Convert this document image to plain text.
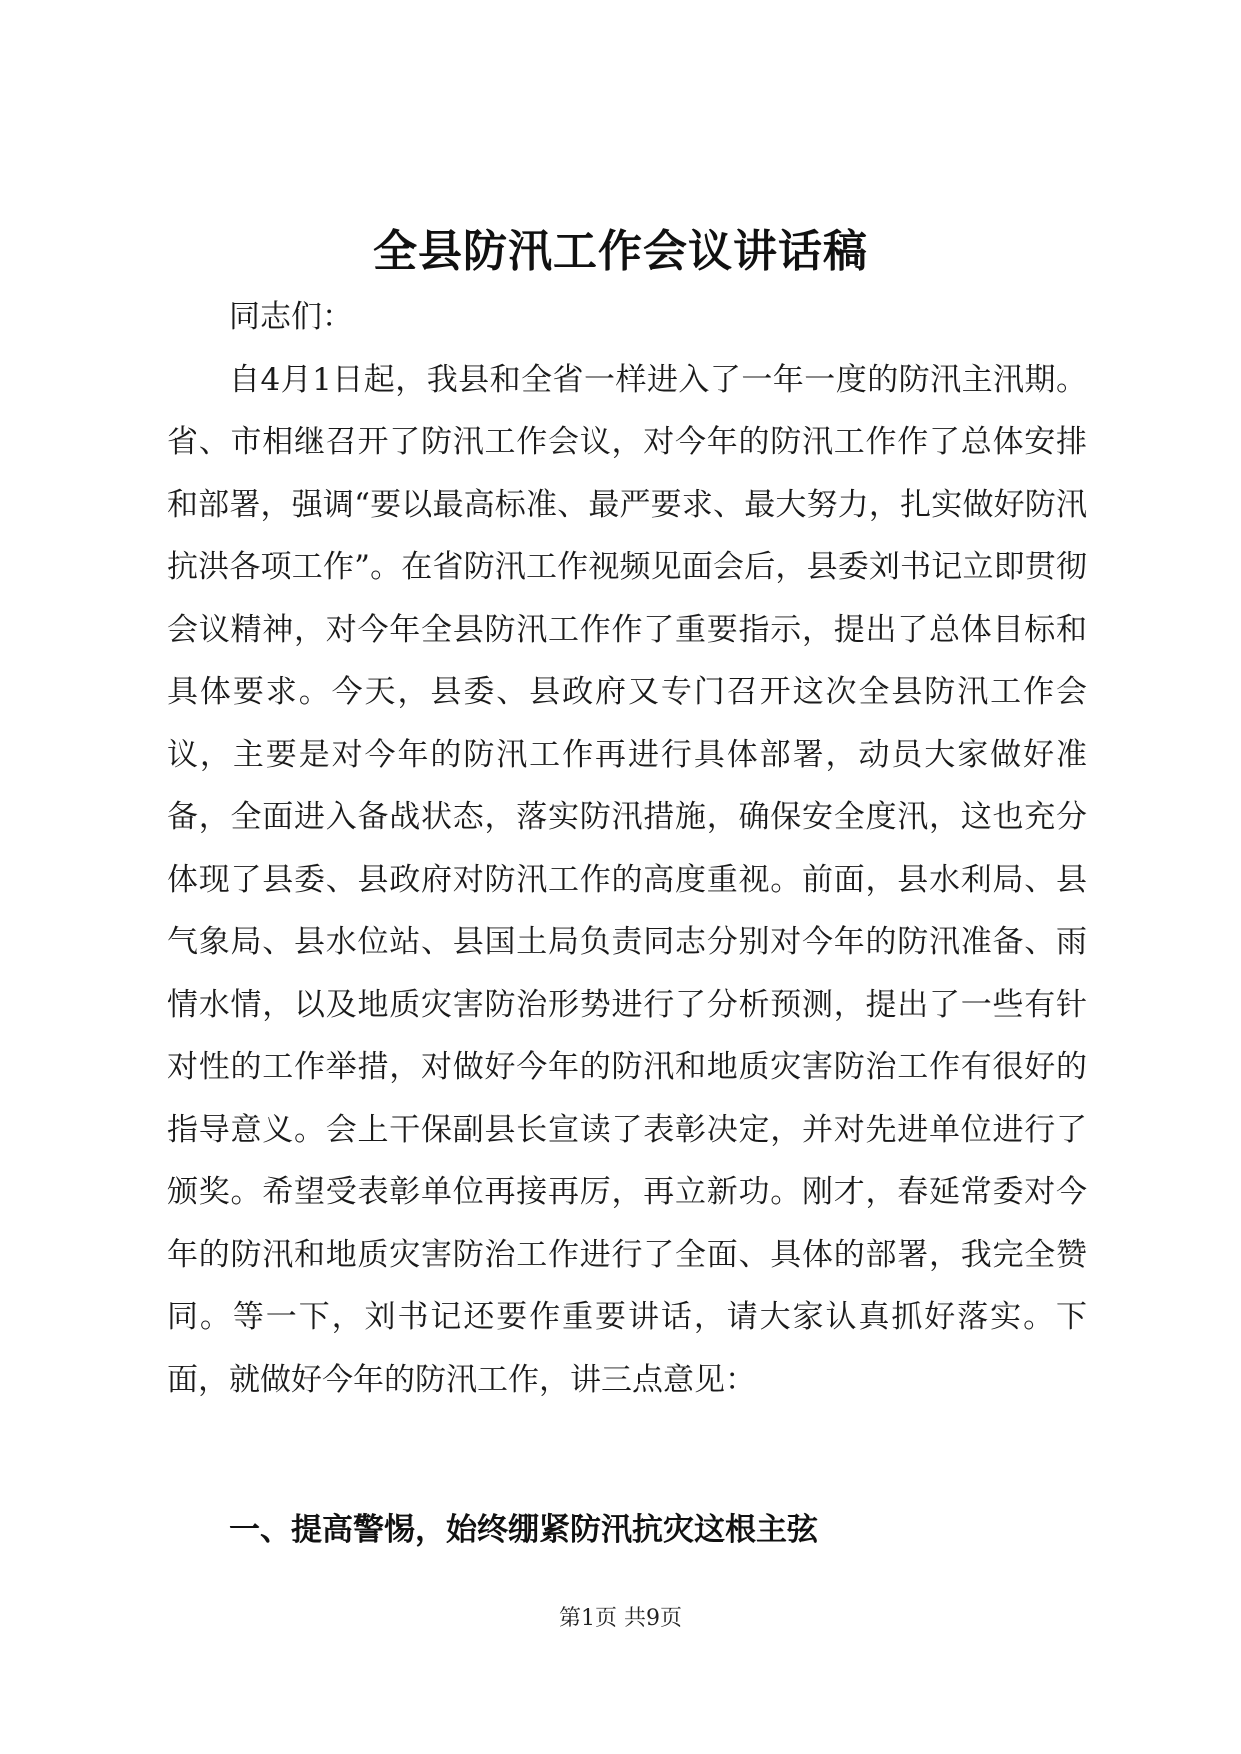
全县防汛工作会议讲话稿

同志们：

自4月1日起，我县和全省一样进入了一年一度的防汛主汛期。省、市相继召开了防汛工作会议，对今年的防汛工作作了总体安排和部署，强调“要以最高标准、最严要求、最大努力，扎实做好防汛抗洪各项工作”。在省防汛工作视频见面会后，县委刘书记立即贯彻会议精神，对今年全县防汛工作作了重要指示，提出了总体目标和具体要求。今天，县委、县政府又专门召开这次全县防汛工作会议，主要是对今年的防汛工作再进行具体部署，动员大家做好准备，全面进入备战状态，落实防汛措施，确保安全度汛，这也充分体现了县委、县政府对防汛工作的高度重视。前面，县水利局、县气象局、县水位站、县国土局负责同志分别对今年的防汛准备、雨情水情，以及地质灾害防治形势进行了分析预测，提出了一些有针对性的工作举措，对做好今年的防汛和地质灾害防治工作有很好的指导意义。会上干保副县长宣读了表彰决定，并对先进单位进行了颁奖。希望受表彰单位再接再厉，再立新功。刚才，春延常委对今年的防汛和地质灾害防治工作进行了全面、具体的部署，我完全赞同。等一下，刘书记还要作重要讲话，请大家认真抓好落实。下面，就做好今年的防汛工作，讲三点意见：

一、提高警惕，始终绷紧防汛抗灾这根主弦
第1页 共9页
